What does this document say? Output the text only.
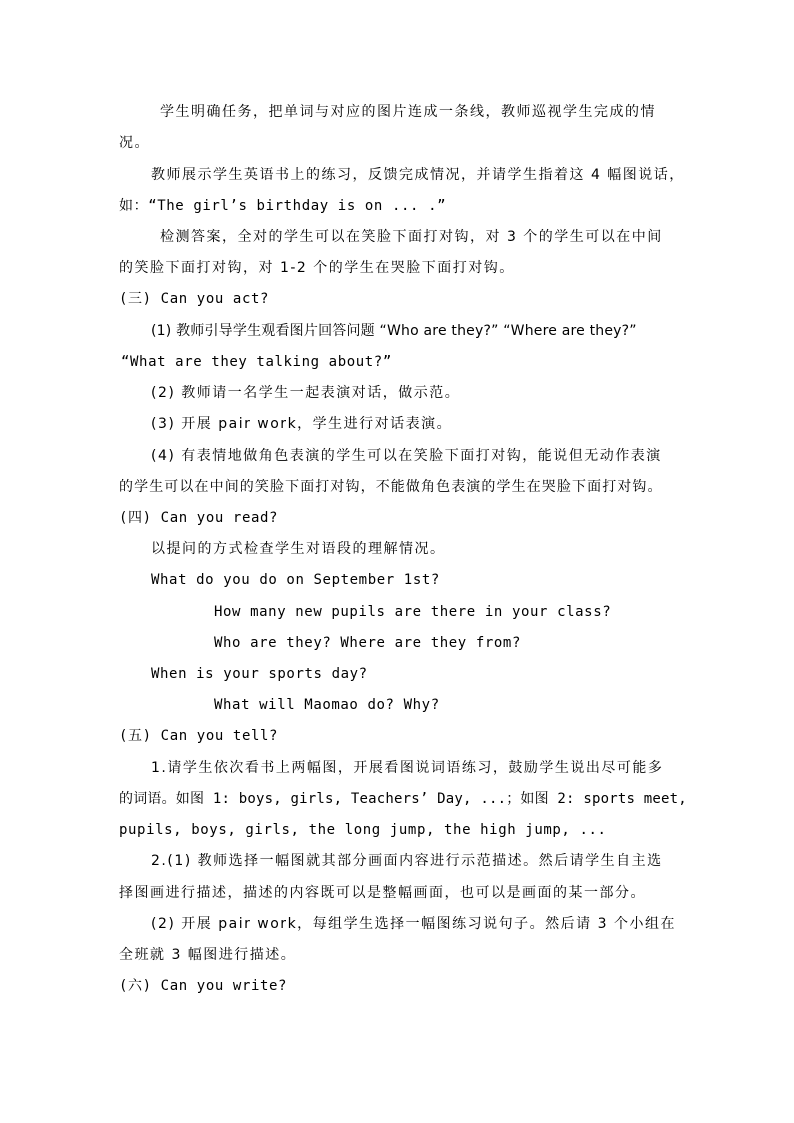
学生明确任务，把单词与对应的图片连成一条线，教师巡视学生完成的情

况。

教师展示学生英语书上的练习，反馈完成情况，并请学生指着这 4 幅图说话，

如：“The girl’s birthday is on ... .”

检测答案，全对的学生可以在笑脸下面打对钩，对 3 个的学生可以在中间

的笑脸下面打对钩，对 1-2 个的学生在哭脸下面打对钩。

(三) Can you act?

(1) 教师引导学生观看图片回答问题 “Who are they?” “Where are they?”

“What are they talking about?”

(2) 教师请一名学生一起表演对话，做示范。

(3) 开展 pair work，学生进行对话表演。

(4) 有表情地做角色表演的学生可以在笑脸下面打对钩，能说但无动作表演

的学生可以在中间的笑脸下面打对钩，不能做角色表演的学生在哭脸下面打对钩。

(四) Can you read?

以提问的方式检查学生对语段的理解情况。

What do you do on September 1st?

How many new pupils are there in your class?

Who are they? Where are they from?

When is your sports day?

What will Maomao do? Why?

(五) Can you tell?

1.请学生依次看书上两幅图，开展看图说词语练习，鼓励学生说出尽可能多

的词语。如图 1: boys, girls, Teachers’ Day, ...；如图 2: sports meet,

pupils, boys, girls, the long jump, the high jump, ...

2.(1) 教师选择一幅图就其部分画面内容进行示范描述。然后请学生自主选

择图画进行描述，描述的内容既可以是整幅画面，也可以是画面的某一部分。

(2) 开展 pair work，每组学生选择一幅图练习说句子。然后请 3 个小组在

全班就 3 幅图进行描述。

(六) Can you write?
